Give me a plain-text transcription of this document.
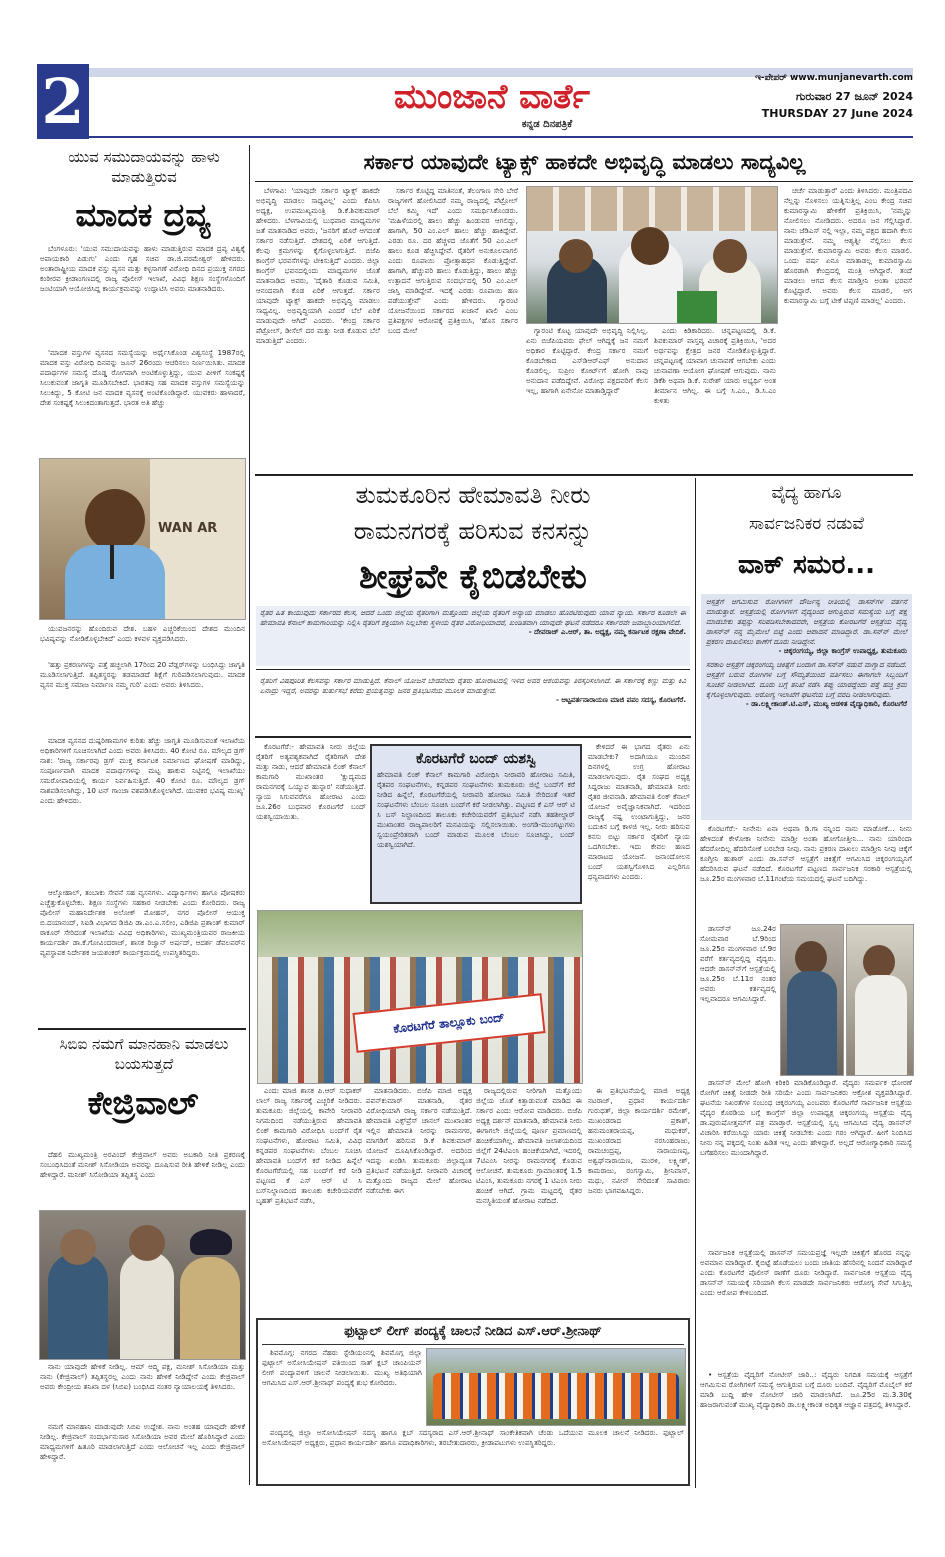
2	ಮುಂಜಾನೆ ವಾರ್ತೆ
ಕನ್ನಡ ದಿನಪತ್ರಿಕೆ
ಇ-ಪೇಪರ್ www.munjanevarth.com
ಗುರುವಾರ 27 ಜೂನ್ 2024
THURSDAY 27 June 2024
ಯುವ ಸಮುದಾಯವನ್ನು ಹಾಳು ಮಾಡುತ್ತಿರುವ
ಮಾದಕ ದ್ರವ್ಯ

ಬೆಂಗಳೂರು: 'ಯುವ ಸಮುದಾಯವನ್ನು ಹಾಳು ಮಾಡುತ್ತಿರುವ ಮಾದಕ ದ್ರವ್ಯ ವಿಶ್ವಕ್ಕೆ ಅಪಾಯಕಾರಿ ಪಿಡುಗು' ಎಂದು ಗೃಹ ಸಚಿವ ಡಾ.ಜಿ.ಪರಮೇಶ್ವರ್ ಹೇಳಿದರು. ಅಂತಾರಾಷ್ಟ್ರೀಯ ಮಾದಕ ವಸ್ತು ವ್ಯಸನ ಮತ್ತು ಕಳ್ಳಸಾಗಣೆ ವಿರೋಧಿ ದಿನದ ಪ್ರಯುಕ್ತ ನಗರದ ಕಂಠೀರವ ಕ್ರೀಡಾಂಗಣದಲ್ಲಿ ರಾಜ್ಯ ಪೊಲೀಸ್ ಇಲಾಖೆ, ವಿವಿಧ ಶಿಕ್ಷಣ ಸಂಸ್ಥೆಗಳೊಂದಿಗೆ ಜಂಟಿಯಾಗಿ ಆಯೋಜಿಸಿದ್ದ ಕಾರ್ಯಕ್ರಮವನ್ನು ಉದ್ಘಾಟಿಸಿ ಅವರು ಮಾತನಾಡಿದರು.

'ಮಾದಕ ವಸ್ತುಗಳ ವ್ಯಸನದ ಸಮಸ್ಯೆಯನ್ನು ಅರ್ಥೈಸಿಕೊಂಡ ವಿಶ್ವಸಂಸ್ಥೆ 1987ರಲ್ಲಿ ಮಾದಕ ವಸ್ತು ವಿರೋಧಿ ದಿನವನ್ನು ಜೂನ್ 26ರಂದು ಆಚರಿಸಲು ನಿರ್ಣಯಿಸಿತು. ಮಾದಕ ಪದಾರ್ಥಗಳ ಸಮಸ್ಯೆ ದೊಡ್ಡ ರೋಗವಾಗಿ ಅಂಟಿಕೊಳ್ಳುತ್ತಿದ್ದು, ಯುವ ಪೀಳಿಗೆ ಸಂಕಷ್ಟಕ್ಕೆ ಸಿಲುಕುವಂತೆ ಜಾಗೃತಿ ಮೂಡಿಸಬೇಕಿದೆ. ಭಾರತವು ಸಹ ಮಾದಕ ವಸ್ತುಗಳ ಸಮಸ್ಯೆಯನ್ನು ಸಿಲುಕಿದ್ದು, 5 ಕೋಟಿ ಜನ ಮಾದಕ ವ್ಯಸನಕ್ಕೆ ಅಂಟಿಕೊಂಡಿದ್ದಾರೆ. ಯುವಕರು ಹಾಳಾದರೆ, ದೇಶ ಸಂಕಷ್ಟಕ್ಕೆ ಸಿಲುಕಿದಂತಾಗುತ್ತದೆ. ಭಾರತ ಅತಿ ಹೆಚ್ಚು

WAN AR

ಯುವಜನರನ್ನು ಹೊಂದಿರುವ ದೇಶ. ಬಹಳ ಎಚ್ಚರಿಕೆಯಿಂದ ದೇಶದ ಮುಂದಿನ ಭವಿಷ್ಯವನ್ನು ನೋಡಿಕೊಳ್ಳಬೇಕಿದೆ' ಎಂದು ಕಳವಳ ವ್ಯಕ್ತಪಡಿಸಿದರು.

'ಹತ್ತು ಪ್ರಕರಣಗಳನ್ನು ಪತ್ತೆ ಹಚ್ಚಲಾಗಿ 17ರಿಂದ 20 ಪೆಡ್ಲರ್‌ಗಳನ್ನು ಬಂಧಿಸಿದ್ದು ಜಾಗೃತಿ ಮೂಡಿಸಲಾಗುತ್ತಿದೆ. ತಪ್ಪಿತಸ್ಥರನ್ನು ತಡಮಾಡದೆ ಶಿಕ್ಷೆಗೆ ಗುರಿಪಡಿಸಲಾಗುವುದು. ಮಾದಕ ವ್ಯಸನ ಮುಕ್ತ ಸಮಾಜ ನಿರ್ಮಾಣ ನಮ್ಮ ಗುರಿ' ಎಂದು ಅವರು ತಿಳಿಸಿದರು.

ಮಾದಕ ವ್ಯಸನದ ದುಷ್ಪರಿಣಾಮಗಳ ಕುರಿತು ಹೆಚ್ಚು ಜಾಗೃತಿ ಮೂಡಿಸುವಂತೆ ಇಲಾಖೆಯ ಅಧಿಕಾರಿಗಳಿಗೆ ಸೂಚಿಸಲಾಗಿದೆ ಎಂದು ಅವರು ತಿಳಿಸಿದರು. 40 ಕೋಟಿ ರೂ. ಮೌಲ್ಯದ ಡ್ರಗ್ ನಾಶ: 'ರಾಜ್ಯ ಸರ್ಕಾರವು ಡ್ರಗ್ ಮುಕ್ತ ಕರ್ನಾಟಕ ನಿರ್ಮಾಣದ ಘೋಷಣೆ ಮಾಡಿದ್ದು, ಸಂಪೂರ್ಣವಾಗಿ ಮಾದಕ ಪದಾರ್ಥಗಳನ್ನು ಮಟ್ಟ ಹಾಕುವ ನಿಟ್ಟಿನಲ್ಲಿ ಇಲಾಖೆಯು ಸಮರೋಪಾದಿಯಲ್ಲಿ ಕಾರ್ಯ ನಿರ್ವಹಿಸುತ್ತಿದೆ. 40 ಕೋಟಿ ರೂ. ಮೌಲ್ಯದ ಡ್ರಗ್ ನಾಶಪಡಿಸಲಾಗಿದ್ದು, 10 ಟನ್ ಗಾಂಜಾ ವಶಪಡಿಸಿಕೊಳ್ಳಲಾಗಿದೆ. ಯುವಕರ ಭವಿಷ್ಯ ಮುಖ್ಯ' ಎಂದು ಹೇಳಿದರು.

ಆಲ್ಕೋಹಾಲ್, ತಂಬಾಕು ಸೇವನೆ ಸಹ ವ್ಯಸನಗಳು. ವಿದ್ಯಾರ್ಥಿಗಳು ಹಾಗೂ ಪೋಷಕರು ಎಚ್ಚೆತ್ತುಕೊಳ್ಳಬೇಕು. ಶಿಕ್ಷಣ ಸಂಸ್ಥೆಗಳು ಸಹಕಾರ ನೀಡಬೇಕು ಎಂದು ಕೋರಿದರು. ರಾಜ್ಯ ಪೊಲೀಸ್ ಮಹಾನಿರ್ದೇಶಕ ಅಲೋಕ್ ಮೋಹನ್, ನಗರ ಪೊಲೀಸ್ ಆಯುಕ್ತ ಬಿ.ದಯಾನಂದ್, ಸಿಐಡಿ ವಿಭಾಗದ ಡಿಜಿಪಿ ಡಾ.ಎಂ.ಎ.ಸಲೀಂ, ಎಡಿಜಿಪಿ ಪ್ರಶಾಂತ್ ಕುಮಾರ್ ಠಾಕೂರ್ ಸೇರಿದಂತೆ ಇಲಾಖೆಯ ವಿವಿಧ ಅಧಿಕಾರಿಗಳು, ಮುಖ್ಯಮಂತ್ರಿಯವರ ರಾಜಕೀಯ ಕಾರ್ಯದರ್ಶಿ ಡಾ.ಕೆ.ಗೋವಿಂದರಾಜ್, ಶಾಸಕ ರಿಜ್ವಾನ್ ಅರ್ಷದ್, ಆದರ್ಶ ಡೆವಲಪರ್‌ನ ವ್ಯವಸ್ಥಾಪಕ ನಿರ್ದೇಶಕ ಜಯಶಂಕರ್ ಕಾರ್ಯಕ್ರಮದಲ್ಲಿ ಉಪಸ್ಥಿತರಿದ್ದರು.

ಸಿಬಿಐ ನಮಗೆ ಮಾನಹಾನಿ ಮಾಡಲು ಬಯಸುತ್ತದೆ
ಕೇಜ್ರಿವಾಲ್

ದೆಹಲಿ ಮುಖ್ಯಮಂತ್ರಿ ಅರವಿಂದ್ ಕೇಜ್ರಿವಾಲ್ ಅವರು ಅಬಕಾರಿ ನೀತಿ ಪ್ರಕರಣಕ್ಕೆ ಸಂಬಂಧಿಸಿದಂತೆ ಮನೀಶ್ ಸಿಸೋಡಿಯಾ ಅವರನ್ನು ದೂಷಿಸುವ ರೀತಿ ಹೇಳಿಕೆ ನೀಡಿಲ್ಲ ಎಂದು ಹೇಳಿದ್ದಾರೆ. ಮನೀಶ್ ಸಿಸೋಡಿಯಾ ತಪ್ಪಿತಸ್ಥ ಎಂದು

ನಾನು ಯಾವುದೇ ಹೇಳಿಕೆ ನೀಡಿಲ್ಲ. ಆಮ್ ಆದ್ಮಿ ಪಕ್ಷ, ಮನೀಶ್ ಸಿಸೋಡಿಯಾ ಮತ್ತು ನಾನು (ಕೇಜ್ರಿವಾಲ್) ತಪ್ಪಿತಸ್ಥರಲ್ಲ ಎಂದು ನಾನು ಹೇಳಿಕೆ ನೀಡಿದ್ದೇನೆ ಎಂದು ಕೇಜ್ರಿವಾಲ್ ಅವರು ಕೇಂದ್ರೀಯ ತನಿಖಾ ದಳ (ಸಿಬಿಐ) ಬಂಧಿಸಿದ ನಂತರ ನ್ಯಾಯಾಲಯಕ್ಕೆ ತಿಳಿಸಿದರು.

ನಮಗೆ ಮಾನಹಾನಿ ಮಾಡುವುದೇ ಸಿಬಿಐ ಉದ್ದೇಶ. ನಾನು ಅಂತಹ ಯಾವುದೇ ಹೇಳಿಕೆ ನೀಡಿಲ್ಲ. ಕೇಜ್ರಿವಾಲ್ ಸಂದರ್ಭಾನುಸಾರ ಸಿಸೋಡಿಯಾ ಅವರ ಮೇಲೆ ಹೊರಿಸಿದ್ದಾರೆ ಎಂದು ಮಾಧ್ಯಮಗಳಿಗೆ ಹಿತೂರಿ ಮಾಡಲಾಗುತ್ತಿದೆ ಎಂದು ಆಲೋಚನೆ ಇಲ್ಲ ಎಂದು ಕೇಜ್ರಿವಾಲ್ ಹೇಳಿದ್ದಾರೆ.

ಸರ್ಕಾರ ಯಾವುದೇ ಟ್ಯಾಕ್ಸ್ ಹಾಕದೇ ಅಭಿವೃದ್ಧಿ ಮಾಡಲು ಸಾದ್ಯವಿಲ್ಲ

ಬೆಳಗಾವಿ: 'ಯಾವುದೇ ಸರ್ಕಾರ ಟ್ಯಾಕ್ಸ್ ಹಾಕದೇ ಅಭಿವೃದ್ಧಿ ಮಾಡಲು ಸಾಧ್ಯವಿಲ್ಲ' ಎಂದು ಕೆಪಿಸಿಸಿ ಅಧ್ಯಕ್ಷ, ಉಪಮುಖ್ಯಮಂತ್ರಿ ಡಿ.ಕೆ.ಶಿವಕುಮಾರ್ ಹೇಳಿದರು. ಬೆಳಗಾವಿಯಲ್ಲಿ ಬುಧವಾರ ಮಾಧ್ಯಮಗಳ ಜತೆ ಮಾತನಾಡಿದ ಅವರು, 'ಜನರಿಗೆ ಹೊರೆ ಆಗದಂತೆ ಸರ್ಕಾರ ನಡೆಸುತ್ತಿದೆ. ದೇಶದಲ್ಲಿ ಏರಿಕೆ ಆಗುತ್ತಿದೆ. ಕೆಲವು ಕ್ರಮಗಳನ್ನು ಕೈಗೊಳ್ಳಲಾಗುತ್ತಿದೆ. ಬಿಜೆಪಿ ಕಾಂಗ್ರೆಸ್ ಭರವಸೆಗಳನ್ನು ಟೀಕಿಸುತ್ತಿದೆ' ಎಂದರು. ಜಿಲ್ಲಾ ಕಾಂಗ್ರೆಸ್ ಭವನದಲ್ಲಿಂದು ಮಾಧ್ಯಮಗಳ ಜೊತೆ ಮಾತನಾಡಿದ ಅವರು, 'ದೈತಾರಿ ಕೊಡುವ ಸಮಿತಿ, ಆನಂದವಾಗಿ ಕೊಡ ಏರಿಕೆ ಆಗುತ್ತದೆ. ಸರ್ಕಾರ ಯಾವುದೇ ಟ್ಯಾಕ್ಸ್ ಹಾಕದೇ ಅಭಿವೃದ್ಧಿ ಮಾಡಲು ಸಾಧ್ಯವಿಲ್ಲ. ಅಭಿವೃದ್ಧಿಯಾಗಿ ಎಂದರೆ ಬೆಲೆ ಏರಿಕೆ ಮಾಡುವುದೇ ಆಗಿದೆ' ಎಂದರು. 'ಕೇಂದ್ರ ಸರ್ಕಾರ ಪೆಟ್ರೋಲ್, ಡೀಸೆಲ್ ದರ ಮತ್ತು ನೀಡ ಕೊಡುವ ಬೆಲೆ ಮಾಡುತ್ತಿದೆ' ಎಂದರು.

ಸರ್ಕಾರ ಕೊಟ್ಟಿದ್ದ ಮಾತಿನಂತೆ, ತೆಲಂಗಾಣ ಸೇರಿ ಬೇರೆ ರಾಜ್ಯಗಳಿಗೆ ಹೋಲಿಸಿದರೆ ನಮ್ಮ ರಾಜ್ಯದಲ್ಲಿ ಪೆಟ್ರೋಲ್ ಬೆಲೆ ಕಮ್ಮಿ ಇದೆ' ಎಂದು ಸಮರ್ಥಿಸಿಕೊಂಡರು. 'ಮಹಿಳೆಯರಲ್ಲಿ ಹಾಲು ಹೆಚ್ಚು ಹಿಂಡುವರ ಆಗಲಿದ್ದು, ಹಾಗಾಗಿ, 50 ಎಂ.ಎಲ್ ಹಾಲು ಹೆಚ್ಚು ಹಾಕಿದ್ದೇವೆ. ಎರಡು ರೂ. ದರ ಹೆಚ್ಚಳದ ಜೊತೆಗೆ 50 ಎಂ.ಎಲ್ ಹಾಲು ಕೂಡ ಹೆಚ್ಚಿಸಿದ್ದೇವೆ. ರೈತರಿಗೆ ಅನುಕೂಲವಾಗಲಿ ಎಂದು ರೂಪಾಯಿ ಪ್ರೋತ್ಸಾಹಧನ ಕೊಡುತ್ತಿದ್ದೇವೆ. ಹಾಗಾಗಿ, ಹೆಚ್ಚುವರಿ ಹಾಲು ಕೊಡುತ್ತಿದ್ದು, ಹಾಲು ಹೆಚ್ಚು ಉತ್ಪಾದನೆ ಆಗುತ್ತಿರುವ ಸಂದರ್ಭದಲ್ಲಿ 50 ಎಂ.ಎಲ್ ಜಾಸ್ತಿ ಮಾಡಿದ್ದೇವೆ. ಇದಕ್ಕೆ ಎರಡು ರೂಪಾಯಿ ಹಣ ಪಡೆಯುತ್ತೇವೆ' ಎಂದು ಹೇಳಿದರು. ಗ್ಯಾರಂಟಿ ಯೋಜನೆಯಿಂದ ಸರ್ಕಾರದ ಖಜಾನೆ ಖಾಲಿ ಎಂಬ ಪ್ರತಿಪಕ್ಷಗಳ ಆರೋಪಕ್ಕೆ ಪ್ರತಿಕ್ರಿಯಿಸಿ, 'ಹೊಸ ಸರ್ಕಾರ ಬಂದ ಮೇಲೆ	ಗ್ಯಾರಂಟಿ ಕೊಟ್ಟ ಯಾವುದೇ ಅಭಿವೃದ್ಧಿ ನಿಲ್ಲಿಸಿಲ್ಲ. ಏನು ಬಿಜೆಪಿಯವರು ಫೇಲ್ ಆಗಿದ್ದಕ್ಕೆ ಜನ ನಮಗೆ ಅಧಿಕಾರ ಕೊಟ್ಟಿದ್ದಾರೆ. ಕೇಂದ್ರ ಸರ್ಕಾರ ನಮಗೆ ಕೊಡಬೇಕಾದ ಎಸ್‌ಡಿಆರ್‌ಎಫ್ ಅನುದಾನ ಕೊಡಲಿಲ್ಲ. ಸುಪ್ರೀಂ ಕೋರ್ಟ್‌ಗೆ ಹೋಗಿ ನಾವು ಅನುದಾನ ಪಡೆದಿದ್ದೇವೆ. ವಿರೋಧ ಪಕ್ಷದವರಿಗೆ ಕೆಲಸ ಇಲ್ಲ, ಹಾಗಾಗಿ ಏನೇನೋ ಮಾತಾಡ್ತಿದ್ದಾರೆ'

ಎಂದು ಕಿಡಿಕಾರಿದರು. ಚನ್ನಪಟ್ಟಣದಲ್ಲಿ ಡಿ.ಕೆ. ಶಿವಕುಮಾರ್ ವಾಸ್ತವ್ಯ ವಿಚಾರಕ್ಕೆ ಪ್ರತಿಕ್ರಿಯಿಸಿ, 'ಅದರ ಅರ್ಥವನ್ನು ಕ್ಷೇತ್ರದ ಜನರ ನೋಡಿಕೊಳ್ಳುತ್ತಿದ್ದಾರೆ. ಚನ್ನಪಟ್ಟಣಕ್ಕೆ ಯಾವಾಗ ಚುನಾವಣೆ ಆಗಬೇಕು ಎಂದು ಚುನಾವಣಾ ಆಯೋಗ ಘೋಷಣೆ ಆಗುವುದು. ನಾನು ಡಿಕೆಶಿ ಅಥವಾ ಡಿ.ಕೆ. ಸುರೇಶ್ ಯಾರು ಅಭ್ಯರ್ಥಿ ಅಂತ ತೀರ್ಮಾನ ಆಗಿಲ್ಲ. ಈ ಬಗ್ಗೆ ಸಿ.ಎಂ., ಡಿ.ಸಿ.ಎಂ ಕುಳಿತು

ಚರ್ಚೆ ಮಾಡುತ್ತಾರೆ' ಎಂದು ತಿಳಿಸಿದರು. ಮಂತ್ರಿಪದವಿ ನೆಲ್ಲನ್ನು ನೊಳಿಸಲು ಯತ್ನಿಸುತ್ತಿಲ್ಲ ಎಂಬ ಕೇಂದ್ರ ಸಚಿವ ಕುಮಾರಸ್ವಾಮಿ ಹೇಳಿಕೆಗೆ ಪ್ರತಿಕ್ರಿಯಿಸಿ, 'ನಮ್ಮನ್ನು ನೋಲಿಸಲು ನೋಡಿದರು. ಅದರೂ ಜನ ಗೆಲ್ಲಿಸಿದ್ದಾರೆ. ನಾನು ಜೆಡಿಎಸ್ ನಲ್ಲಿ ಇಲ್ಲಾ, ನಮ್ಮ ಪಕ್ಷದ ಹದಾಗಿ ಕೆಲಸ ಮಾಡುತ್ತೇನೆ. ನಮ್ಮ ಆಶ್ಯತ್ನೀ ನೆಲ್ಲಿಸಲು ಕೆಲಸ ಮಾಡುತ್ತೇನೆ. ಕುಮಾರಸ್ವಾಮಿ ಅವರು ಕೆಲಸ ಮಾಡಲಿ. ಒಂದು ವರ್ಷ ಏನೂ ಮಾತಾಡಲ್ಲ ಕುಮಾರಸ್ವಾಮಿ ಹೊರಡಾಗಿ ಕೇಂದ್ರದಲ್ಲಿ ಮಂತ್ರಿ ಆಗಿದ್ದಾರೆ. ತಂದೆ ಮಾಡಲು ಆಗದ ಕೆಲಸ ಮಾಡ್ತೀನಿ ಅಂತಾ ಭರವಸೆ ಕೊಟ್ಟಿದ್ದಾರೆ. ಅವರು ಕೆಲಸ ಮಾಡಲಿ, ಆಗ ಕುಮಾರಸ್ವಾಮಿ ಬಗ್ಗೆ ಟೀಕೆ ಟಿಪ್ಪಣಿ ಮಾಡಲ್ಲ' ಎಂದರು.

ತುಮಕೂರಿನ ಹೇಮಾವತಿ ನೀರು
ರಾಮನಗರಕ್ಕೆ ಹರಿಸುವ ಕನಸನ್ನು
ಶೀಘ್ರವೇ ಕೈಬಿಡಬೇಕು
ರೈತರ ಹಿತ ಕಾಯುವುದು ಸರ್ಕಾರದ ಕೆಲಸ, ಆದರೆ ಒಂದು ಜಿಲ್ಲೆಯ ರೈತರಿಗಾಗಿ ಮತ್ತೊಂದು ಜಿಲ್ಲೆಯ ರೈತರಿಗೆ ಅನ್ಯಾಯ ಮಾಡಲು ಹೊರಟಿರುವುದು ಯಾವ ನ್ಯಾಯ. ಸರ್ಕಾರ ಕೂಡಲೇ ಈ ಹೇಮಾವತಿ ಕೆನಾಲ್ ಕಾಮಗಾರಿಯನ್ನು ನಿಲ್ಲಿಸಿ ರೈತರಿಗೆ ಶಕ್ತಿಯಾಗಿ ನಿಲ್ಲಬೇಕು ಸ್ಥಳೀಯ ರೈತರ ವಿರೋಧಿಯಾದರೆ, ಖಂಡಿತವಾಗಿ ಯಾವುದೇ ಘಟನೆ ನಡೆದರೂ ಸರ್ಕಾರವೇ ಜವಾಬ್ದಾರಿಯಾಗಲಿದೆ.
- ದೇವರಾಜ್ ಎ.ಆರ್, ತಾ. ಅಧ್ಯಕ್ಷ, ನಮ್ಮ ಕರ್ನಾಟಕ ರಕ್ಷಣಾ ವೇದಿಕೆ.
ರೈತರಿಗೆ ವಿಷಪೂರಿತ ಕೆಲಸವನ್ನು ಸರ್ಕಾರ ಮಾಡುತ್ತಿದೆ. ಕೆನಾಲ್ ಯೋಜನೆ ಬೇಡವೆಂದು ರೈತರು ಹೋರಾಟದಲ್ಲಿ ಇಳಿದ ಅವರ ಆಶಯವನ್ನು ತಿರಸ್ಕರಿಸಲಾಗಿದೆ. ಈ ಸರ್ಕಾರಕ್ಕೆ ಕಣ್ಣು ಮತ್ತು ಕಿವಿ ಏನಾದ್ರು ಇದ್ದರೆ, ಅವರನ್ನು ತುರ್ತುಸಭೆ ಕರೆದು ಪ್ರಯತ್ನವನ್ನು ಜನರ ಪ್ರತಿಭಟನೆಯ ಮೂಲಕ ಮಾಡುತ್ತೇವೆ.
- ಆಟ್ಟವರ್ತನಾರಾಯಣ ಮಾಜಿ ಪಪಂ ಸದಸ್ಯ, ಕೊರಟಗೆರೆ.

ಕೊರಟಗೆರೆ:- ಹೇಮಾವತಿ ನೀರು ಜಿಲ್ಲೆಯ ರೈತರಿಗೆ ಅತ್ಯವಶ್ಯಕವಾಗಿದೆ ರೈತರಿಗಾಗಿ ದೇಶ ಮತ್ತು ನಾಡು, ಆದರೆ ಹೇಮಾವತಿ ಲಿಂಕ್ ಕೆನಾಲ್ ಕಾಮಗಾರಿ ಮುಖಾಂತರ 'ಕ್ಷುದ್ಯಮದ ರಾಮನಗರಕ್ಕೆ ಒಯ್ಯುವ ಹುನ್ನಾರ' ನಡೆಯುತ್ತಿದೆ. ನ್ಯಾಯ ಸಿಗುವವರೆಗೂ ಹೋರಾಟ ಎಂದು ಜೂ.26ರ ಬುಧವಾರ ಕೊರಟಗೆರೆ ಬಂದ್ ಯಶಸ್ವಿಯಾಯಿತು.

ಕೊರಟಗೆರೆ ಬಂದ್ ಯಶಸ್ವಿ
ಹೇಮಾವತಿ ಲಿಂಕ್ ಕೆನಾಲ್ ಕಾಮಗಾರಿ ವಿರೋಧಿಸಿ ನೀರಾವರಿ ಹೋರಾಟ ಸಮಿತಿ, ರೈತಪರ ಸಂಘಟನೆಗಳು, ಕನ್ನಡಪರ ಸಂಘಟನೆಗಳು ತುಮಕೂರು ಜಿಲ್ಲೆ ಬಂದ್‌ಗೆ ಕರೆ ನೀಡಿದ ಹಿನ್ನೆಲೆ, ಕೊರಟಗೆರೆಯಲ್ಲಿ ನೀರಾವರಿ ಹೋರಾಟ ಸಮಿತಿ ಸೇರಿದಂತೆ ಇತರೆ ಸಂಘಟನೆಗಳು ಬೆಂಬಲ ಸೂಚಿಸಿ ಬಂದ್‌ಗೆ ಕರೆ ನೀಡಲಾಗಿತ್ತು. ಪಟ್ಟಣದ ಕೆ ಎಸ್ ಆರ್ ಟಿ ಸಿ ಬಸ್ ನಿಲ್ದಾಣದಿಂದ ತಾಲೂಕು ಕಚೇರಿಯವರೆಗೆ ಪ್ರತಿಭಟನೆ ನಡೆಸಿ ತಹಶೀಲ್ದಾರ್ ಮುಖಾಂತರ ರಾಜ್ಯಪಾಲರಿಗೆ ಮನವಿಯನ್ನು ಸಲ್ಲಿಸಲಾಯಿತು. ಅಂಗಡಿ-ಮುಂಗಟ್ಟುಗಳು ಸ್ವಯಂಪ್ರೇರಿತರಾಗಿ ಬಂದ್ ಮಾಡುವ ಮೂಲಕ ಬೆಂಬಲ ಸೂಚಿಸಿದ್ದು, ಬಂದ್ ಯಶಸ್ವಿಯಾಗಿದೆ.

ಕೇಳಿದರೆ ಈ ಭಾಗದ ರೈತರು ಏನು ಮಾಡಬೇಕು? ಅದಾಗಿಯೂ ಮುಂದಿನ ದಿನಗಳಲ್ಲಿ ಉಗ್ರ ಹೋರಾಟ ಮಾಡಲಾಗುವುದು. ರೈತ ಸಂಘದ ಅಧ್ಯಕ್ಷ ಸಿದ್ದರಾಜು ಮಾತನಾಡಿ, ಹೇಮಾವತಿ ನೀರು ರೈತರ ಜೀವನಾಡಿ. ಹೇಮಾವತಿ ಲಿಂಕ್ ಕೆನಾಲ್ ಯೋಜನೆ ಅವೈಜ್ಞಾನಿಕವಾಗಿದೆ. ಇದರಿಂದ ರಾಜ್ಯಕ್ಕೆ ನಷ್ಟ ಉಂಟಾಗುತ್ತಿದ್ದು, ಜನರ ಬದುಕಿನ ಬಗ್ಗೆ ಕಾಳಜಿ ಇಲ್ಲ. ನೀರು ಹರಿಸುವ ಕನಸು ಬಿಟ್ಟು ಸರ್ಕಾರ ರೈತರಿಗೆ ನ್ಯಾಯ ಒದಗಿಸಬೇಕು. ಇದು ಕೇವಲ ಹಣದ ಮಾರಾಟದ ಯೋಜನೆ. ಜನಾಂದೋಲನ ಬಂದ್ ಯಶಸ್ವಿಗೊಳಿಸಿದ ಎಲ್ಲರಿಗೂ ಧನ್ಯವಾದಗಳು ಎಂದರು.

ಕೊರಟಗೆರೆ ತಾಲ್ಲೂಕು ಬಂದ್

ಎಂದು ಮಾಜಿ ಶಾಸಕ ಪಿ.ಆರ್ ಸುಧಾಕರ್ ಲಾಲ್ ರಾಜ್ಯ ಸರ್ಕಾರಕ್ಕೆ ಎಚ್ಚರಿಕೆ ನೀಡಿದರು. ತುಮಕೂರು ಜಿಲ್ಲೆಯಲ್ಲಿ ಕಾವೇರಿ ನೀರಾವರಿ ನಿಗಮದಿಂದ ನಡೆಯುತ್ತಿರುವ ಹೇಮಾವತಿ ಲಿಂಕ್ ಕಾಮಗಾರಿ ವಿರೋಧಿಸಿ ಬಂದ್‌ಗೆ ರೈತ ಸಂಘಟನೆಗಳು, ಹೋರಾಟ ಸಮಿತಿ, ವಿವಿಧ ಕನ್ನಡಪರ ಸಂಘಟನೆಗಳು ಬೆಂಬಲ ಸೂಚಿಸಿ ಹೇಮಾವತಿ ಬಂದ್‌ಗೆ ಕರೆ ನೀಡಿದ ಹಿನ್ನೆಲೆ ಕೊರಟಗೆರೆಯಲ್ಲಿ ಸಹ ಬಂದ್‌ಗೆ ಕರೆ ನೀಡಿ ಪಟ್ಟಣದ ಕೆ ಎಸ್ ಆರ್ ಟಿ ಸಿ ಬಸ್‌ನಿಲ್ದಾಣದಿಂದ ತಾಲೂಕು ಕಚೇರಿಯವರೆಗೆ ಬೃಹತ್ ಪ್ರತಿಭಟನೆ ನಡೆಸಿ,

ಮಾತನಾಡಿದರು. ಬಿಜೆಪಿ ಮಾಜಿ ಅಧ್ಯಕ್ಷ ಪವನ್‌ಕುಮಾರ್ ಮಾತನಾಡಿ, ರೈತರ ವಿರೋಧಿಯಾಗಿ ರಾಜ್ಯ ಸರ್ಕಾರ ನಡೆಯುತ್ತಿದೆ. ಹೇಮಾವತಿ ಎಕ್ಸ್‌ಪ್ರೆಸ್ ಚಾನಲ್ ಮುಖಾಂತರ ಇಲ್ಲಿನ ಹೇಮಾವತಿ ನೀರನ್ನು ರಾಮನಗರ, ಮಾಗಡಿಗೆ ಹರಿಸುವ ಡಿ.ಕೆ ಶಿವಕುಮಾರ್ ಯೋಜನೆ ದೂಷಿಸಿಕೊಂಡಿದ್ದಾರೆ. ಅದರಿಂದ ಇದನ್ನು ಖಂಡಿಸಿ ತುಮಕೂರು ಜಿಲ್ಲಾದ್ಯಂತ ಪ್ರತಿಭಟನೆ ನಡೆಯುತ್ತಿದೆ. ನೀರಾವರಿ ವಿಚಾರಕ್ಕೆ ಮತ್ತೊಂದು ರಾಜ್ಯದ ಮೇಲೆ ಹೋರಾಟ ನಡೆಸಬೇಕು ಈಗ

ರಾಜ್ಯದಲ್ಲಿರುವ ನೀರಿಗಾಗಿ ಮತ್ತೊಂದು ಜಿಲ್ಲೆಯ ಜೊತೆ ಕಿತ್ತಾಡುವಂತೆ ಮಾಡಿದ ಈ ಸರ್ಕಾರ ಎಂದು ಆರೋಪ ಮಾಡಿದರು. ಬಿಜೆಪಿ ಅಧ್ಯಕ್ಷ ದರ್ಶನ್ ಮಾತನಾಡಿ, ಹೇಮಾವತಿ ನೀರು ಈಗಾಗಲೇ ಜಿಲ್ಲೆಯಲ್ಲಿ ಪೂರ್ಣ ಪ್ರಮಾಣದಲ್ಲಿ ಹಂಚಿಕೆಯಾಗಿಲ್ಲ. ಹೇಮಾವತಿ ಜಲಾಶಯದಿಂದ ಜಿಲ್ಲೆಗೆ 24ಟಿಎಂಸಿ ಹಂಚಿಕೆಯಾಗಿದೆ, ಇದರಲ್ಲಿ 7ಟಿಎಂಸಿ ನೀರನ್ನು ರಾಮನಗರಕ್ಕೆ ಕೊಡುವ ಆಲೋಚನೆ. ತುಮಕೂರು ಗ್ರಾಮಾಂತರಕ್ಕೆ 1.5 ಟಿಎಂಸಿ, ತುಮಕೂರು ನಗರಕ್ಕೆ 1 ಟಿಎಂಸಿ ನೀರು ಹಂಚಿಕೆ ಆಗಿದೆ. ಗ್ರಾಮ ಮಟ್ಟದಲ್ಲಿ ರೈತರ ಮನಸ್ಥಿತಿಯಂತೆ ಹೋರಾಟ ನಡೆದಿದೆ.

ಈ ಪ್ರತಿಭಟನೆಯಲ್ಲಿ ಮಾಜಿ ಅಧ್ಯಕ್ಷ ನಟರಾಜ್, ಪ್ರಧಾನ ಕಾರ್ಯದರ್ಶಿ ಗುರುಧತ್, ಜಿಲ್ಲಾ ಕಾರ್ಯದರ್ಶಿ ರಮೇಶ್, ಮುಖಂಡರಾದ ಪ್ರಕಾಶ್, ಹನುಮಂತರಾಯಪ್ಪ, ಮಧುಕರ್, ಮುಖಂಡರಾದ ನರಸಿಂಹರಾಜು, ರಾಮಚಂದ್ರಪ್ಪ, ನಾರಾಯಣಪ್ಪ, ಅಶ್ವಥ್‌ನಾರಾಯಣ, ಮುರಳಿ, ಲಕ್ಷ್ಮೀಶ್, ಕಾಮರಾಜು, ರಂಗಸ್ವಾಮಿ, ಶ್ರೀನಿವಾಸ್, ಮಧು, ನವೀನ್ ಸೇರಿದಂತೆ ಸಾವಿರಾರು ಜನರು ಭಾಗವಹಿಸಿದ್ದರು.

ಫುಟ್ಬಾಲ್ ಲೀಗ್ ಪಂದ್ಯಕ್ಕೆ ಚಾಲನೆ ನೀಡಿದ ಎಸ್.ಆರ್.ಶ್ರೀನಾಥ್

ಶಿವಮೊಗ್ಗ: ನಗರದ ನೆಹರು ಸ್ಟೇಡಿಯಂನಲ್ಲಿ ಶಿವಮೊಗ್ಗ ಜಿಲ್ಲಾ ಫುಟ್ಬಾಲ್ ಅಸೋಸಿಯೇಷನ್ ವತಿಯಿಂದ ಸಾತ್ ಕ್ಲಬ್ ಚಾಂಪಿಯನ್ ಲೀಗ್ ಪಂದ್ಯಾವಳಿಗೆ ಚಾಲನೆ ನೀಡಲಾಯಿತು. ಮುಖ್ಯ ಅತಿಥಿಯಾಗಿ ಆಗಮಿಸಿದ ಎಸ್.ಆರ್.ಶ್ರೀನಾಥ್ ಪಂದ್ಯಕ್ಕೆ ಶುಭ ಕೋರಿದರು.

ಪಂದ್ಯದಲ್ಲಿ ಜಿಲ್ಲಾ ಅಸೋಸಿಯೇಷನ್ ಸದಸ್ಯ ಹಾಗೂ ಕ್ಲಬ್ ಸದಸ್ಯರಾದ ಎಸ್.ಆರ್.ಶ್ರೀನಾಥ್ ಸಾಂಕೇತಿಕವಾಗಿ ಚೆಂಡು ಒದೆಯುವ ಮೂಲಕ ಚಾಲನೆ ನೀಡಿದರು. ಫುಟ್ಬಾಲ್ ಅಸೋಸಿಯೇಷನ್ ಅಧ್ಯಕ್ಷರು, ಪ್ರಧಾನ ಕಾರ್ಯದರ್ಶಿ ಹಾಗೂ ಪದಾಧಿಕಾರಿಗಳು, ತರಬೇತುದಾರರು, ಕ್ರೀಡಾಪಟುಗಳು ಉಪಸ್ಥಿತರಿದ್ದರು.

ವೈದ್ಯ ಹಾಗೂ
ಸಾರ್ವಜನಿಕರ ನಡುವೆ
ವಾಕ್ ಸಮರ...
ಆಸ್ಪತ್ರೆಗೆ ಆಗಮಿಸುವ ರೋಗಿಗಳಿಗೆ ದೌರ್ಜನ್ಯ ರೀತಿಯಲ್ಲಿ ಡಾಸನ್‌ಗಳ ವರ್ತನೆ ಮಾಡುತ್ತಾರೆ. ಆಸ್ಪತ್ರೆಯಲ್ಲಿ ರೋಗಿಗಳಿಗೆ ವೈದ್ಯರಿಂದ ಆಗುತ್ತಿರುವ ಸಮಸ್ಯೆಯ ಬಗ್ಗೆ ಪಕ್ಷ ಮಾಡಬೇಕು ತಪ್ಪನ್ನು ಸರಿಪಡಿಸಬೇಕಾದವರೇ, ಆಸ್ಪತ್ರೆಯ ಕೋರಟಗೆರೆ ಆಸ್ಪತ್ರೆಯ ವೈದ್ಯ ಡಾಸನ್‌ನ್ ನನ್ನ ಮೈಮೇಲೆ ಬಿಟ್ಟೆ ಎಂದು ಆಪಾದನೆ ಮಾಡಿದ್ದಾರೆ. ಡಾ.ಸನ್‌ನ್ ಮೇಲೆ ಪ್ರಕರಣ ದಾಖಲಿಸಲು ಠಾಣೆಗೆ ದೂರು ನೀಡಿದ್ದೇನೆ.
- ಚಿಕ್ಕರಂಗಯ್ಯ, ಜಿಲ್ಲಾ ಕಾಂಗ್ರೆಸ್ ಉಪಾಧ್ಯಕ್ಷ, ತುಮಕೂರು
ಸರಕಾರಿ ಆಸ್ಪತ್ರೆಗೆ ಚಿಕ್ಕರಂಗಯ್ಯ ಚಿಕಿತ್ಸೆಗೆ ಬಂದಾಗ ಡಾ.ಸನ್‌ನ್ ನಡುವೆ ವಾಗ್ವಾದ ನಡೆದಿದೆ. ಆಸ್ಪತ್ರೆಗೆ ಬರುವ ರೋಗಿಗಳ ಬಗ್ಗೆ ಸೌಮ್ಯತೆಯಿಂದ ವರ್ತಿಸಲು ಈಗಾಗಲೇ ಸಿಬ್ಬಂದಿಗೆ ಸೂಚನೆ ನೀಡಲಾಗಿದೆ. ದೂರು ಬಗ್ಗೆ ತನಿಖೆ ನಡೆಸಿ ತಪ್ಪು ಯಾರದ್ದೆಂದು ಪತ್ತೆ ಹಚ್ಚಿ ಕ್ರಮ ಕೈಗೊಳ್ಳಲಾಗುವುದು. ಅರೋಗ್ಯ ಇಲಾಖೆಗೆ ಘಟನೆಯ ಬಗ್ಗೆ ವರದಿ ನೀಡಲಾಗುವುದು.
- ಡಾ.ಲಕ್ಷ್ಮೀಕಾಂತ್.ಟಿ.ಎಸ್, ಮುಖ್ಯ ಆಡಳಿತ ವೈದ್ಯಾಧಿಕಾರಿ, ಕೊರಟಗೆರೆ

ಕೊರಟಗೆರೆ:- ನೀನೇನು ಏನಾ ಅಥವಾ ಡಿ.ಗಾ ನನ್ನಿಂದ ನಾನು ಮಾಡೋಕೆ... ನೀನು ಹೇಳಿದಂತೆ ಕೇಳೋಕಾ ನೀನೇನು ಮಾಡ್ತೀ ಅಂತಾ ಹೋಗೋತ್ತೀನಿ... ನಾನು ಯಾರಿಂದಾ ಹೆದರೋದಿಲ್ಲ ಹೆದರಿಸೋಕೆ ಬರಬೇಡ ನೀವು. ನಾನು ಪ್ರಕರಣ ದಾಖಲು ಮಾಡ್ತೀನಿ ನೀವು ಚಿಕ್ಕೆಗೆ ಕೂಗ್ತೀನಿ ಹುಶಾರ್ ಎಂದು ಡಾ.ಸನ್‌ನ್ ಆಸ್ಪತ್ರೆಗೆ ಚಿಕಿತ್ಸೆಗೆ ಆಗಮಿಸಿದ ಚಿಕ್ಕರಂಗಯ್ಯನಿಗೆ ಹೆದರಿಸಿರುವ ಘಟನೆ ನಡೆದಿದೆ. ಕೊರಟಗೆರೆ ಪಟ್ಟಣದ ಸಾರ್ವಜನಿಕ ಸರಕಾರಿ ಆಸ್ಪತ್ರೆಯಲ್ಲಿ ಜೂ.25ರ ಮಂಗಳವಾರ ಬೆ.11ಗಂಟೆಯ ಸಮಯದಲ್ಲಿ ಘಟನೆ ಬದಿಗಿದ್ದು.

ಡಾಸನ್‌ನ್ ಜೂ.24ರ ಸೋಮವಾರ ಬೆ.9ರಿಂದ ಜೂ.25ರ ಮಂಗಳವಾರ ಬೆ.9ರ ವರೆಗೆ ಕರ್ತವ್ಯದಲ್ಲಿದ್ದ ವೈದ್ಯರು. ಆದರೇ ಡಾಸನ್‌ನ್‌ಗೆ ಆಸ್ಪತ್ರೆಯಲ್ಲಿ ಜೂ.25ರ ಬೆ.11ರ ನಂತರ ಅವರು ಕರ್ತವ್ಯದಲ್ಲಿ ಇಲ್ಲವಾದರೂ ಆಗಮಿಸಿದ್ದಾರೆ.

ಡಾಸನ್‌ನ್ ಮೇಲೆ ಹೋಗಿ ಕಿರಿಕಿರಿ ಮಾಡಿಕೊಂಡಿದ್ದಾರೆ. ವೈದ್ಯರು ಸಮರ್ಪಕ ಧೋರಣೆ ರೋಗಿಗೆ ಚಿಕಿತ್ಸೆ ನೀಡದೇ ರೀತಿ ಸರಿಯೇ ಎಂದು ಸಾರ್ವಜನಿಕರು ಆಕ್ರೋಶ ವ್ಯಕ್ತಪಡಿಸಿದ್ದಾರೆ. ಘಟನೆಯ ನಿಖರತೆಗಳ ಸಂಬಂಧ ಚಿಕ್ಕರಂಗಯ್ಯ ಎಂಬವರು ಕೊರಟಗೆರೆ ಸಾರ್ವಜನಿಕ ಆಸ್ಪತ್ರೆಯ ವೈದ್ಯರ ಕೊಠಡಿಯ ಬಗ್ಗೆ ಕಾಂಗ್ರೆಸ್ ಜಿಲ್ಲಾ ಉಪಾಧ್ಯಕ್ಷ ಚಿಕ್ಕರಂಗಯ್ಯ ಆಸ್ಪತ್ರೆಯ ವೈದ್ಯ ಡಾ.ಪುರುಷೋತ್ತಮ್‌ಗೆ ಪತ್ರ ಮಾಡ್ತಾರೆ. ಆಸ್ಪತ್ರೆಯಲ್ಲಿ ಸ್ವಲ್ಪ ಆಗಮಿಸಿದ ವೈದ್ಯ ಡಾಸನ್‌ನ್ ವಿಚಾರಿಸಿ ಕರೆಯಿಸಿದ್ದು ಯಾರು ಚಿಕಿತ್ಸೆ ನೀಡಬೇಕು ಎಂದು ಗರಂ ಆಗಿದ್ದಾರೆ. ಹೀಗೆ ನಿಂದಿಸಿದ ನೀನು ನನ್ನ ಪಕ್ಕದಲ್ಲಿ ನಿಂತು ಹಿಡಿತ ಇಲ್ಲ ಎಂದು ಹೇಳಿದ್ದಾರೆ. ಅಲ್ಲದೆ ಆರೋಗ್ಯಾಧಿಕಾರಿ ಸಮಸ್ಯೆ ಬಗೆಹರಿಸಲು ಮುಂದಾಗಿದ್ದಾರೆ.

ಸಾರ್ವಜನಿಕ ಆಸ್ಪತ್ರೆಯಲ್ಲಿ ಡಾಸನ್‌ನ್ ಸಮಯಪ್ರಜ್ಞೆ ಇಲ್ಲದೇ ಚಿಕಿತ್ಸೆಗೆ ಹೊರದ ನನ್ನನ್ನು ಅವಮಾನ ಮಾಡಿದ್ದಾರೆ. ಕೈಬಿಟ್ಟೆ ಹೊಡೆಯಲು ಬಂದು ಜಾತಿಯ ಹೆಸರಿನಲ್ಲಿ ನಿಂದನೆ ಮಾಡಿದ್ದಾರೆ ಎಂದು ಕೊರಟಗೆರೆ ಪೊಲೀಸ್ ಠಾಣೆಗೆ ದೂರು ನೀಡಿದ್ದಾರೆ. ಸಾರ್ವಜನಿಕ ಆಸ್ಪತ್ರೆಯ ವೈದ್ಯ ಡಾಸನ್‌ನ್ ಸಮಯಕ್ಕೆ ಸರಿಯಾಗಿ ಕೆಲಸ ಮಾಡದೇ ಸಾರ್ವಜನಿಕರು ಆರೋಗ್ಯ ಸೇವೆ ಸಿಗುತ್ತಿಲ್ಲ ಎಂದು ಆರೋಪ ಕೇಳಿಬಂದಿದೆ.

• ಆಸ್ಪತ್ರೆಯ ವೈದ್ಯರಿಗೆ ನೋಟೀಸ್ ಜಾರಿ..: ವೈದ್ಯರು ನಿಗದಿತ ಸಮಯಕ್ಕೆ ಆಸ್ಪತ್ರೆಗೆ ಆಗಮಿಸುವ ರೋಗಿಗಳಿಗೆ ಸಮಸ್ಯೆ ಆಗುತ್ತಿರುವ ಬಗ್ಗೆ ದೂರು ಬಂದಿವೆ. ವೈದ್ಯರಿಗೆ ಮೊಬೈಲ್ ಕರೆ ಮಾಡಿ ಬುದ್ದಿ ಹೇಳಿ ನೋಟೀಸ್ ಜಾರಿ ಮಾಡಲಾಗಿದೆ. ಜೂ.25ರ ಮ.3.30ಕ್ಕೆ ಹಾಜರಾಗುವಂತೆ ಮುಖ್ಯ ವೈದ್ಯಾಧಿಕಾರಿ ಡಾ.ಲಕ್ಷ್ಮೀಕಾಂತ ಅಧಿಕೃತ ಆಜ್ಞಾನ ಪತ್ರದಲ್ಲಿ ತಿಳಿಸಿದ್ದಾರೆ.
